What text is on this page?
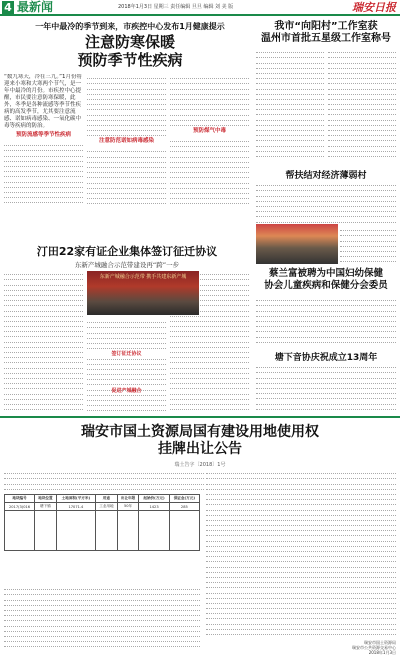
4 最新闻	2018年1月3日 星期三 责任编辑 旦旦 编辑 刘 美 版	瑞安日报
一年中最冷的季节到来，市疾控中心发布1月健康提示
注意防寒保暖
预防季节性疾病
“数九寒天，冷在三九。”1月份将迎来小寒和大寒两个节气，是一年中最冷的月份。市疾控中心提醒，市民要注意防寒保暖，此外，冬季是各种流感等季节性疾病的高发季节，尤其要注意流感、诺如病毒感染、一氧化碳中毒等疾病的防治。
预防流感等季节性疾病
注意防范诺如病毒感染
预防煤气中毒
我市“向阳村”工作室获
温州市首批五星级工作室称号
帮扶结对经济薄弱村
蔡兰富被聘为中国妇幼保健
协会儿童疾病和保健分会委员
塘下音协庆祝成立13周年
汀田22家有证企业集体签订征迁协议
东新产城融合示范带建设再“跨”一步
东新产城融合示范带 携手共建东新产城
签订征迁协议
促进产城融合
瑞安市国土资源局国有建设用地使用权
挂牌出让公告
瑞土告字〔2018〕1号
地块编号	地块位置	土地面积(平方米)	用途	出让年限	起始价(万元)	保证金(万元)
2017(3)016	塘下镇	17071.4	工业用地	50年	1423	285

瑞安市国土资源局
瑞安市公共资源交易中心
2018年1月3日
